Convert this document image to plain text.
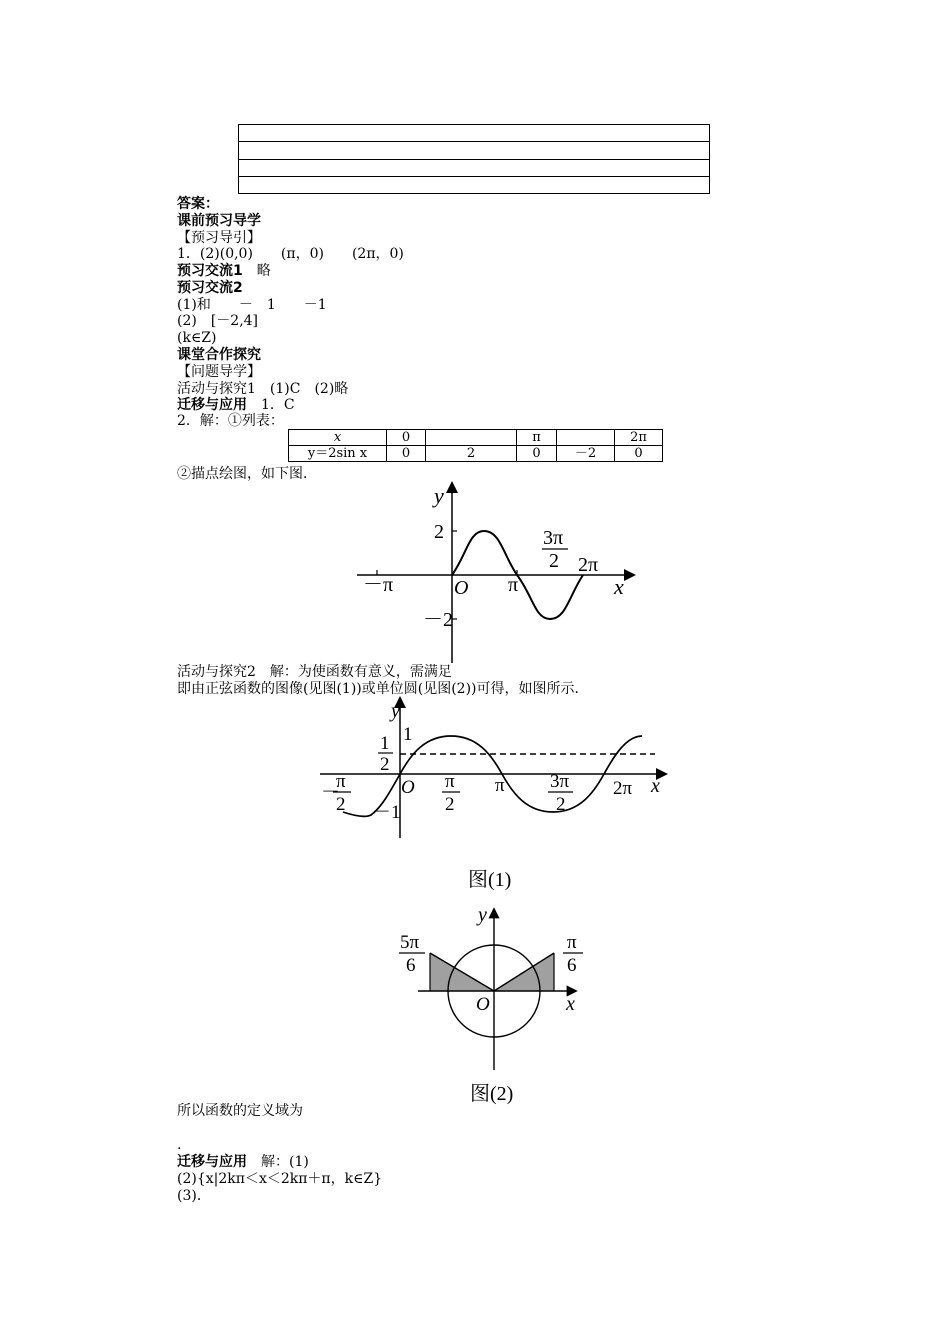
答案：
课前预习导学
【预习导引】
1．(2)(0,0)　　(π，0)　　(2π，0)
预习交流1　略
预习交流2
(1)和　　－　1　　－1
(2)　[－2,4]
(k∈Z)
课堂合作探究
【问题导学】
活动与探究1　(1)C　(2)略
迁移与应用　1．C
2．解：①列表：
x	0		π		2π
y＝2sin x	0	2	0	－2	0
②描点绘图，如下图．
y
x
O
2
－2
－π	π
3π
2 2π
活动与探究2　解：为使函数有意义，需满足
即由正弦函数的图像(见图(1))或单位圆(见图(2))可得，如图所示．
y
x
O
1
－1
1
2
－
π
2
π
2
π 3π
2
2π
图(1)
y
x
O
5π
6
π
6
图(2)
所以函数的定义域为
.
迁移与应用　解：(1)
(2){x|2kπ＜x＜2kπ＋π，k∈Z}
(3)．
